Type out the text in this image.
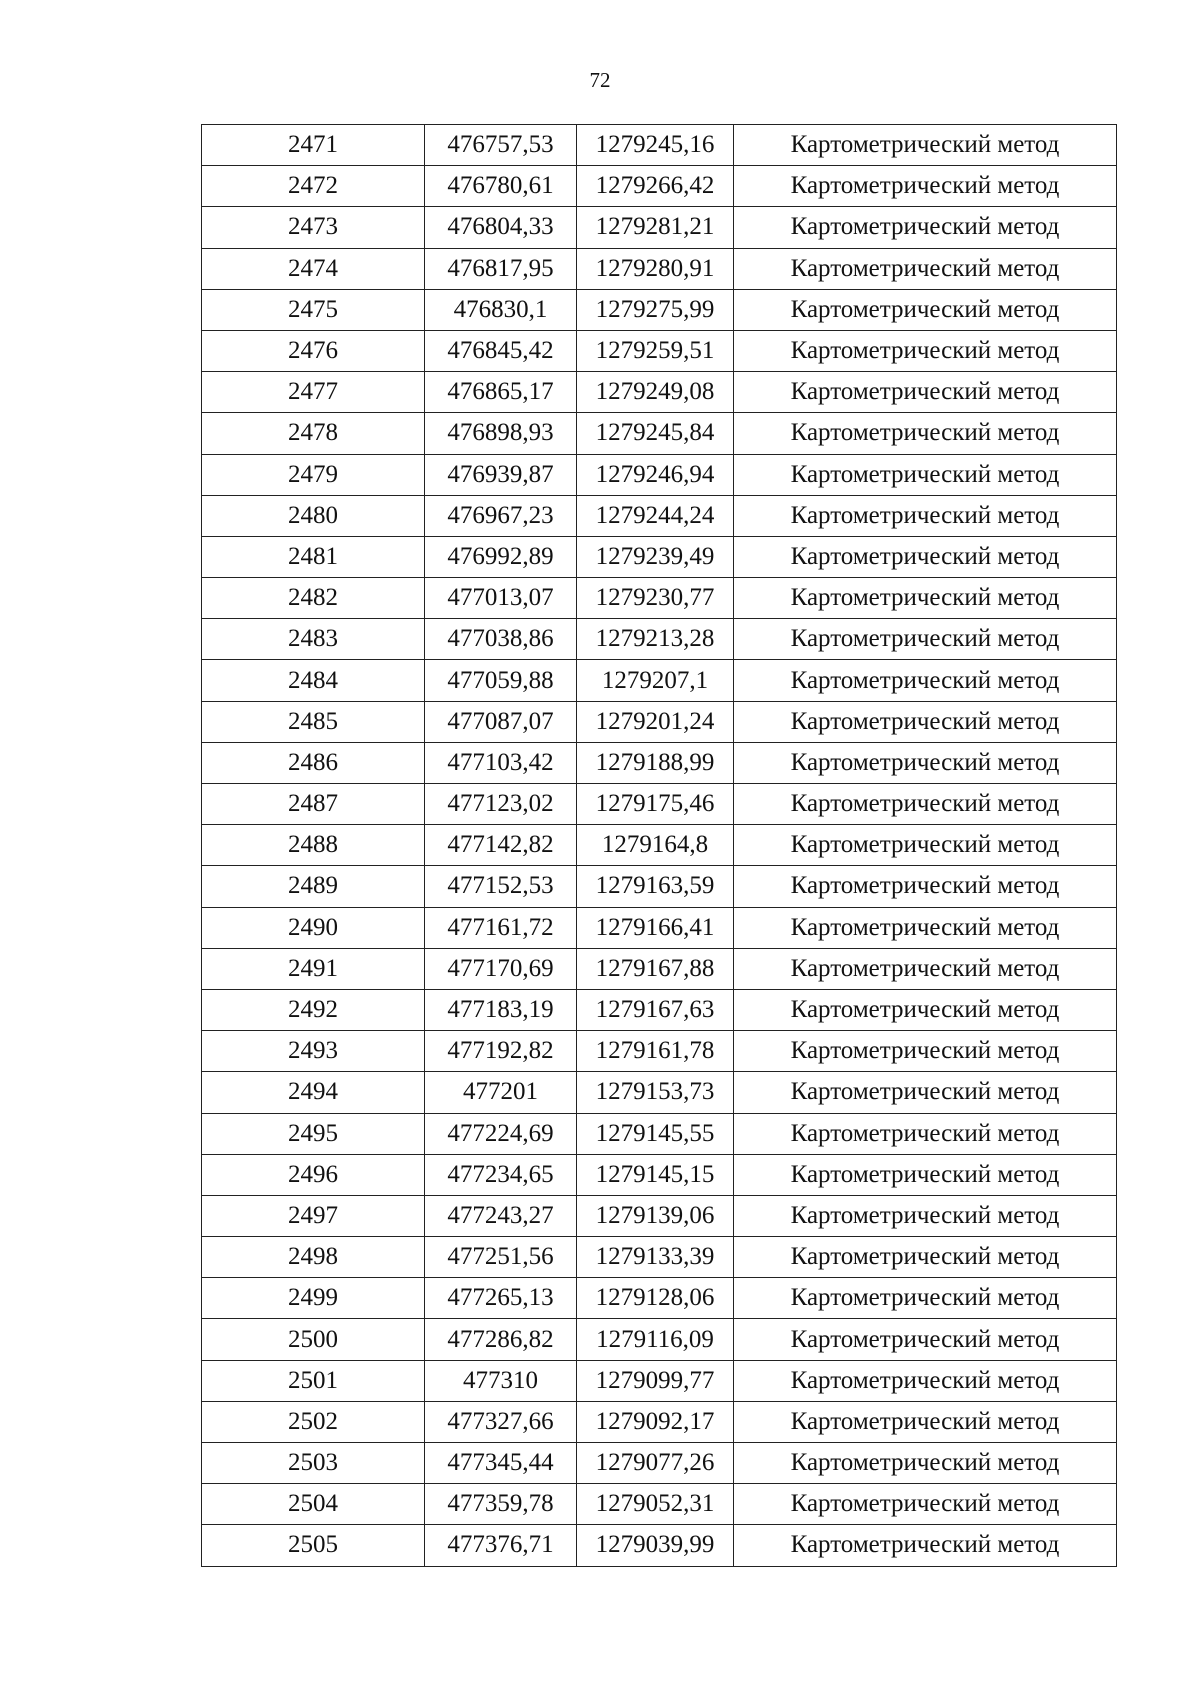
72
2471	476757,53	1279245,16	Картометрический метод
2472	476780,61	1279266,42	Картометрический метод
2473	476804,33	1279281,21	Картометрический метод
2474	476817,95	1279280,91	Картометрический метод
2475	476830,1	1279275,99	Картометрический метод
2476	476845,42	1279259,51	Картометрический метод
2477	476865,17	1279249,08	Картометрический метод
2478	476898,93	1279245,84	Картометрический метод
2479	476939,87	1279246,94	Картометрический метод
2480	476967,23	1279244,24	Картометрический метод
2481	476992,89	1279239,49	Картометрический метод
2482	477013,07	1279230,77	Картометрический метод
2483	477038,86	1279213,28	Картометрический метод
2484	477059,88	1279207,1	Картометрический метод
2485	477087,07	1279201,24	Картометрический метод
2486	477103,42	1279188,99	Картометрический метод
2487	477123,02	1279175,46	Картометрический метод
2488	477142,82	1279164,8	Картометрический метод
2489	477152,53	1279163,59	Картометрический метод
2490	477161,72	1279166,41	Картометрический метод
2491	477170,69	1279167,88	Картометрический метод
2492	477183,19	1279167,63	Картометрический метод
2493	477192,82	1279161,78	Картометрический метод
2494	477201	1279153,73	Картометрический метод
2495	477224,69	1279145,55	Картометрический метод
2496	477234,65	1279145,15	Картометрический метод
2497	477243,27	1279139,06	Картометрический метод
2498	477251,56	1279133,39	Картометрический метод
2499	477265,13	1279128,06	Картометрический метод
2500	477286,82	1279116,09	Картометрический метод
2501	477310	1279099,77	Картометрический метод
2502	477327,66	1279092,17	Картометрический метод
2503	477345,44	1279077,26	Картометрический метод
2504	477359,78	1279052,31	Картометрический метод
2505	477376,71	1279039,99	Картометрический метод
